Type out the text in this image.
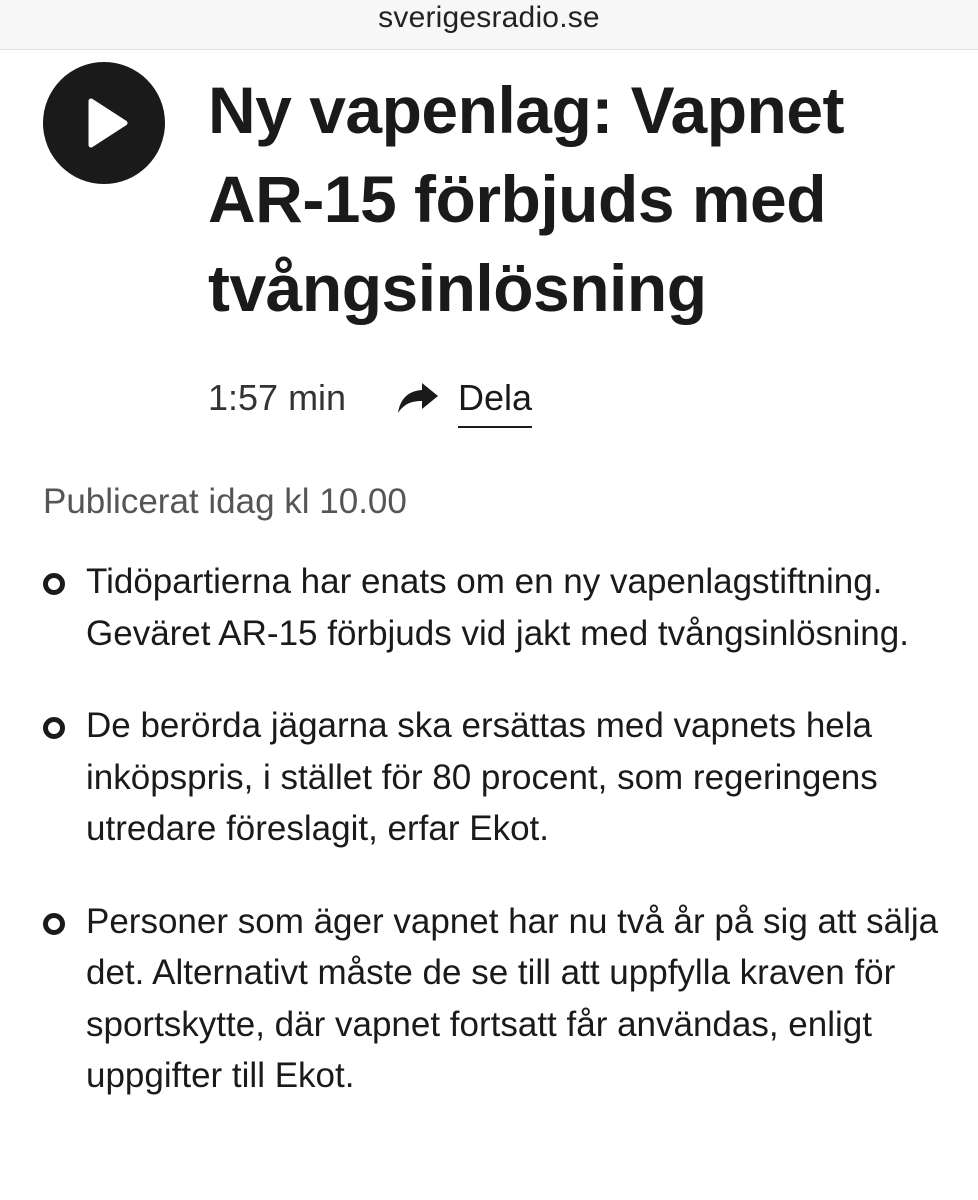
sverigesradio.se
Ny vapenlag: Vapnet AR-15 förbjuds med tvångsinlösning
1:57 min	Dela
Publicerat idag kl 10.00
Tidöpartierna har enats om en ny vapenlagstiftning. Geväret AR-15 förbjuds vid jakt med tvångsinlösning.
De berörda jägarna ska ersättas med vapnets hela inköpspris, i stället för 80 procent, som regeringens utredare föreslagit, erfar Ekot.
Personer som äger vapnet har nu två år på sig att sälja det. Alternativt måste de se till att uppfylla kraven för sportskytte, där vapnet fortsatt får användas, enligt uppgifter till Ekot.
